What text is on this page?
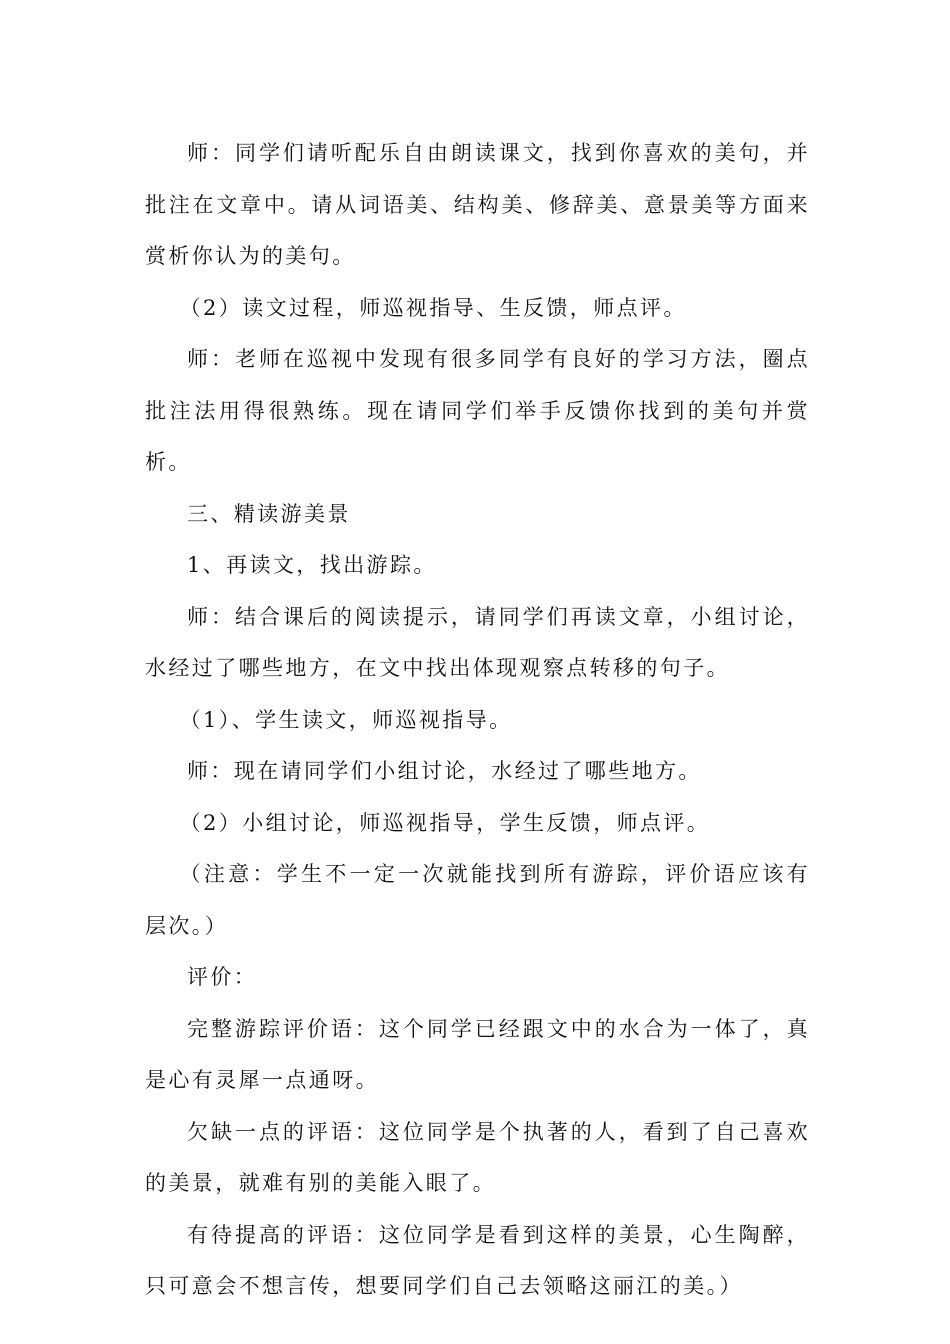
师：同学们请听配乐自由朗读课文，找到你喜欢的美句，并批注在文章中。请从词语美、结构美、修辞美、意景美等方面来赏析你认为的美句。

（2）读文过程，师巡视指导、生反馈，师点评。

师：老师在巡视中发现有很多同学有良好的学习方法，圈点批注法用得很熟练。现在请同学们举手反馈你找到的美句并赏析。

三、精读游美景

1、再读文，找出游踪。

师：结合课后的阅读提示，请同学们再读文章，小组讨论，水经过了哪些地方，在文中找出体现观察点转移的句子。

（1）、学生读文，师巡视指导。

师：现在请同学们小组讨论，水经过了哪些地方。

（2）小组讨论，师巡视指导，学生反馈，师点评。

（注意：学生不一定一次就能找到所有游踪，评价语应该有层次。）

评价：

完整游踪评价语：这个同学已经跟文中的水合为一体了，真是心有灵犀一点通呀。

欠缺一点的评语：这位同学是个执著的人，看到了自己喜欢的美景，就难有别的美能入眼了。

有待提高的评语：这位同学是看到这样的美景，心生陶醉，只可意会不想言传，想要同学们自己去领略这丽江的美。）
